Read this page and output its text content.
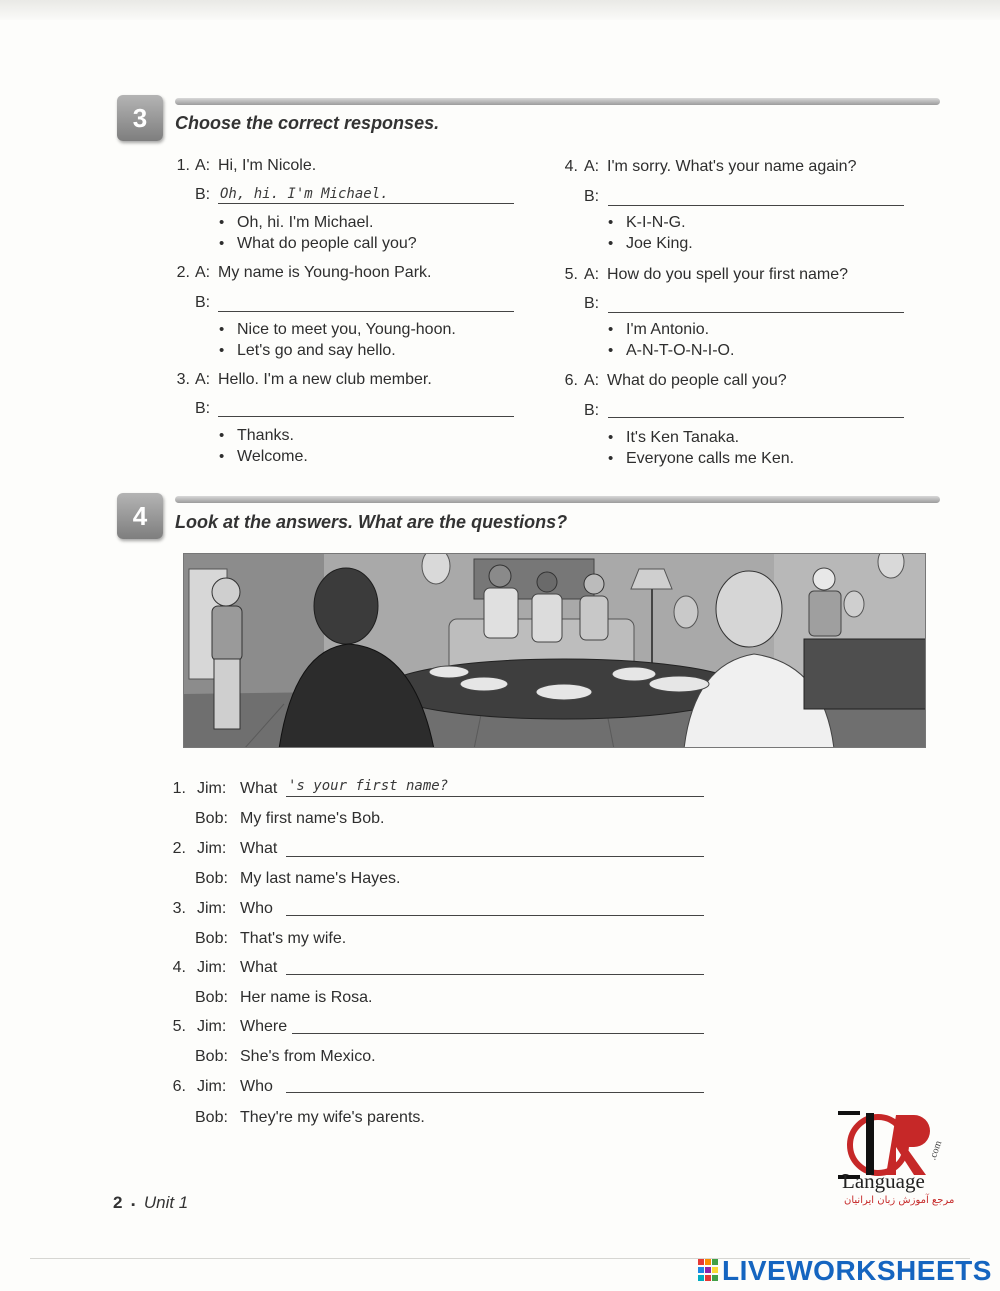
3 Choose the correct responses.
1. A: Hi, I'm Nicole.
B: Oh, hi. I'm Michael.
• Oh, hi. I'm Michael.
• What do people call you?
2. A: My name is Young-hoon Park.
B:
• Nice to meet you, Young-hoon.
• Let's go and say hello.
3. A: Hello. I'm a new club member.
B:
• Thanks.
• Welcome.
4. A: I'm sorry. What's your name again?
B:
• K-I-N-G.
• Joe King.
5. A: How do you spell your first name?
B:
• I'm Antonio.
• A-N-T-O-N-I-O.
6. A: What do people call you?
B:
• It's Ken Tanaka.
• Everyone calls me Ken.
4 Look at the answers. What are the questions?
1. Jim: What 's your first name?
Bob: My first name's Bob.
2. Jim: What
Bob: My last name's Hayes.
3. Jim: Who
Bob: That's my wife.
4. Jim: What
Bob: Her name is Rosa.
5. Jim: Where
Bob: She's from Mexico.
6. Jim: Who
Bob: They're my wife's parents.
.com
Language
مرجع آموزش زبان ایرانیان
2 ▪ Unit 1
LIVEWORKSHEETS
